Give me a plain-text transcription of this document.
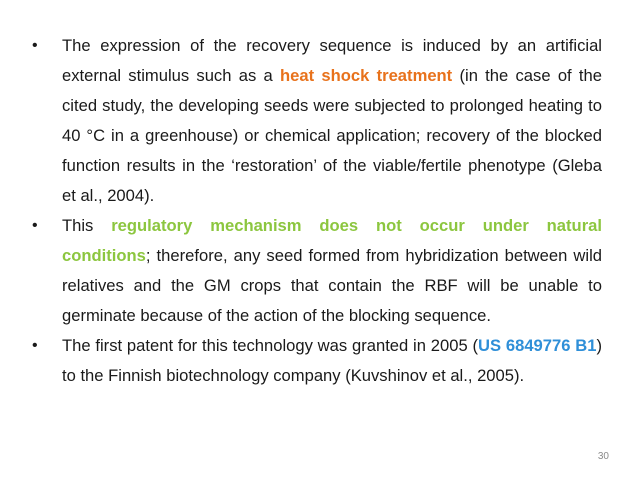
• The expression of the recovery sequence is induced by an artificial external stimulus such as a heat shock treatment (in the case of the cited study, the developing seeds were subjected to prolonged heating to 40 °C in a greenhouse) or chemical application; recovery of the blocked function results in the ‘restoration’ of the viable/fertile phenotype (Gleba et al., 2004).
• This regulatory mechanism does not occur under natural conditions; therefore, any seed formed from hybridization between wild relatives and the GM crops that contain the RBF will be unable to germinate because of the action of the blocking sequence.
• The first patent for this technology was granted in 2005 (US 6849776 B1) to the Finnish biotechnology company (Kuvshinov et al., 2005).
30
